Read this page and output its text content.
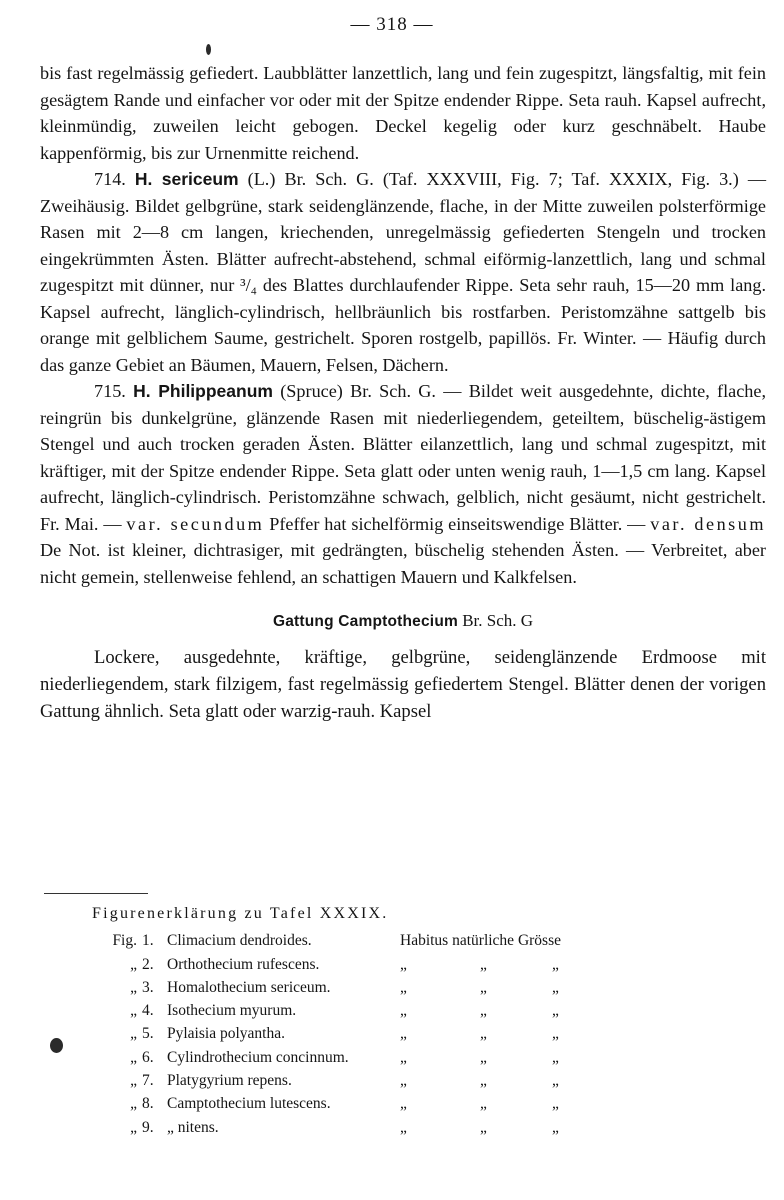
— 318 —

bis fast regelmässig gefiedert. Laubblätter lanzettlich, lang und fein zugespitzt, längsfaltig, mit fein gesägtem Rande und einfacher vor oder mit der Spitze endender Rippe. Seta rauh. Kapsel aufrecht, kleinmündig, zuweilen leicht gebogen. Deckel kegelig oder kurz geschnäbelt. Haube kappenförmig, bis zur Urnenmitte reichend.

714. H. sericeum (L.) Br. Sch. G. (Taf. XXXVIII, Fig. 7; Taf. XXXIX, Fig. 3.) — Zweihäusig. Bildet gelbgrüne, stark seidenglänzende, flache, in der Mitte zuweilen polsterförmige Rasen mit 2—8 cm langen, kriechenden, unregelmässig gefiederten Stengeln und trocken eingekrümmten Ästen. Blätter aufrecht-abstehend, schmal eiförmig-lanzettlich, lang und schmal zugespitzt mit dünner, nur ³/₄ des Blattes durchlaufender Rippe. Seta sehr rauh, 15—20 mm lang. Kapsel aufrecht, länglich-cylindrisch, hellbräunlich bis rostfarben. Peristomzähne sattgelb bis orange mit gelblichem Saume, gestrichelt. Sporen rostgelb, papillös. Fr. Winter. — Häufig durch das ganze Gebiet an Bäumen, Mauern, Felsen, Dächern.

715. H. Philippeanum (Spruce) Br. Sch. G. — Bildet weit ausgedehnte, dichte, flache, reingrün bis dunkelgrüne, glänzende Rasen mit niederliegendem, geteiltem, büschelig-ästigem Stengel und auch trocken geraden Ästen. Blätter eilanzettlich, lang und schmal zugespitzt, mit kräftiger, mit der Spitze endender Rippe. Seta glatt oder unten wenig rauh, 1—1,5 cm lang. Kapsel aufrecht, länglich-cylindrisch. Peristomzähne schwach, gelblich, nicht gesäumt, nicht gestrichelt. Fr. Mai. — var. secundum Pfeffer hat sichelförmig einseitswendige Blätter. — var. densum De Not. ist kleiner, dichtrasiger, mit gedrängten, büschelig stehenden Ästen. — Verbreitet, aber nicht gemein, stellenweise fehlend, an schattigen Mauern und Kalkfelsen.

Gattung Camptothecium Br. Sch. G

Lockere, ausgedehnte, kräftige, gelbgrüne, seidenglänzende Erdmoose mit niederliegendem, stark filzigem, fast regelmässig gefiedertem Stengel. Blätter denen der vorigen Gattung ähnlich. Seta glatt oder warzig-rauh. Kapsel

Figurenerklärung zu Tafel XXXIX.
Fig. 1. Climacium dendroides.	Habitus natürliche Grösse
„ 2. Orthothecium rufescens.	„	„	„
„ 3. Homalothecium sericeum.	„	„	„
„ 4. Isothecium myurum.	„	„	„
„ 5. Pylaisia polyantha.	„	„	„
„ 6. Cylindrothecium concinnum.	„	„	„
„ 7. Platygyrium repens.	„	„	„
„ 8. Camptothecium lutescens.	„	„	„
„ 9. „ nitens.	„	„	„
